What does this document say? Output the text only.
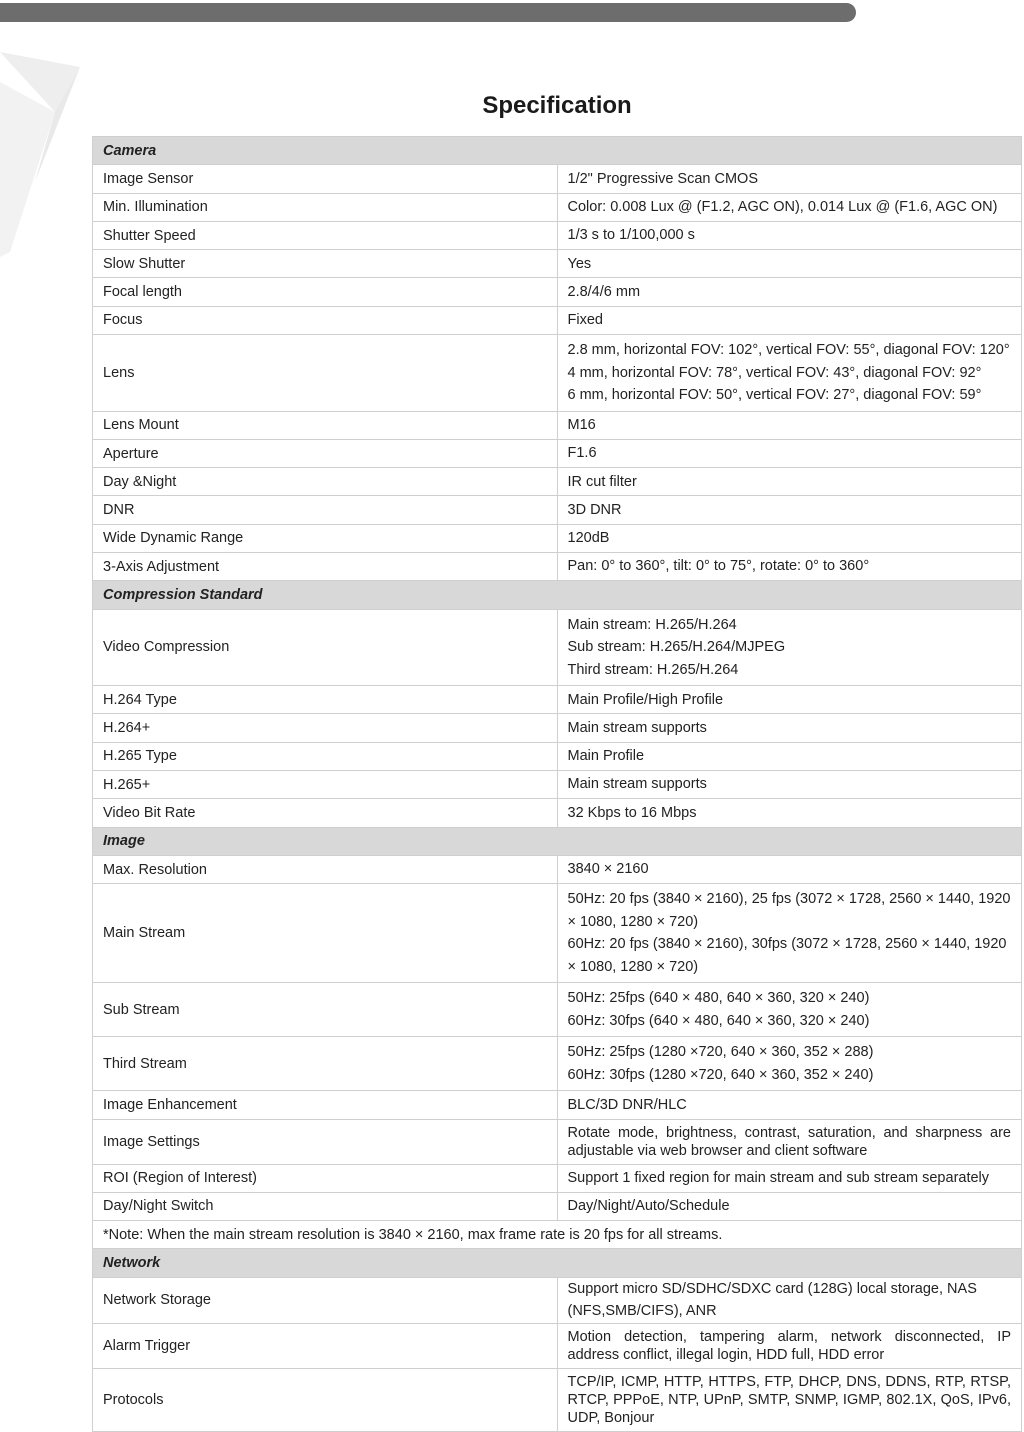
Specification
Camera	
Image Sensor	1/2" Progressive Scan CMOS

Min. Illumination	Color: 0.008 Lux @ (F1.2, AGC ON), 0.014 Lux @ (F1.6, AGC ON)

Shutter Speed	1/3 s to 1/100,000 s

Slow Shutter	Yes

Focal length	2.8/4/6 mm

Focus	Fixed

Lens	2.8 mm, horizontal FOV: 102°, vertical FOV: 55°, diagonal FOV: 120°
4 mm, horizontal FOV: 78°, vertical FOV: 43°, diagonal FOV: 92°
6 mm, horizontal FOV: 50°, vertical FOV: 27°, diagonal FOV: 59°

Lens Mount	M16

Aperture	F1.6

Day &Night	IR cut filter

DNR	3D DNR

Wide Dynamic Range	120dB

3-Axis Adjustment	Pan: 0° to 360°, tilt: 0° to 75°, rotate: 0° to 360°

Compression Standard	
Video Compression	Main stream: H.265/H.264
Sub stream: H.265/H.264/MJPEG
Third stream: H.265/H.264

H.264 Type	Main Profile/High Profile

H.264+	Main stream supports

H.265 Type	Main Profile

H.265+	Main stream supports

Video Bit Rate	32 Kbps to 16 Mbps

Image	
Max. Resolution	3840 × 2160

Main Stream	50Hz: 20 fps (3840 × 2160), 25 fps (3072 × 1728, 2560 × 1440, 1920 × 1080, 1280 × 720)
60Hz: 20 fps (3840 × 2160), 30fps (3072 × 1728, 2560 × 1440, 1920 × 1080, 1280 × 720)

Sub Stream	50Hz: 25fps (640 × 480, 640 × 360, 320 × 240)
60Hz: 30fps (640 × 480, 640 × 360, 320 × 240)

Third Stream	50Hz: 25fps (1280 ×720, 640 × 360, 352 × 288)
60Hz: 30fps (1280 ×720, 640 × 360, 352 × 240)

Image Enhancement	BLC/3D DNR/HLC

Image Settings	Rotate mode, brightness, contrast, saturation, and sharpness are adjustable via web browser and client software

ROI (Region of Interest)	Support 1 fixed region for main stream and sub stream separately

Day/Night Switch	Day/Night/Auto/Schedule

*Note: When the main stream resolution is 3840 × 2160, max frame rate is 20 fps for all streams.	
Network	
Network Storage	Support micro SD/SDHC/SDXC card (128G) local storage, NAS (NFS,SMB/CIFS), ANR

Alarm Trigger	Motion detection, tampering alarm, network disconnected, IP address conflict, illegal login, HDD full, HDD error

Protocols	TCP/IP, ICMP, HTTP, HTTPS, FTP, DHCP, DNS, DDNS, RTP, RTSP, RTCP, PPPoE, NTP, UPnP, SMTP, SNMP, IGMP, 802.1X, QoS, IPv6, UDP, Bonjour
